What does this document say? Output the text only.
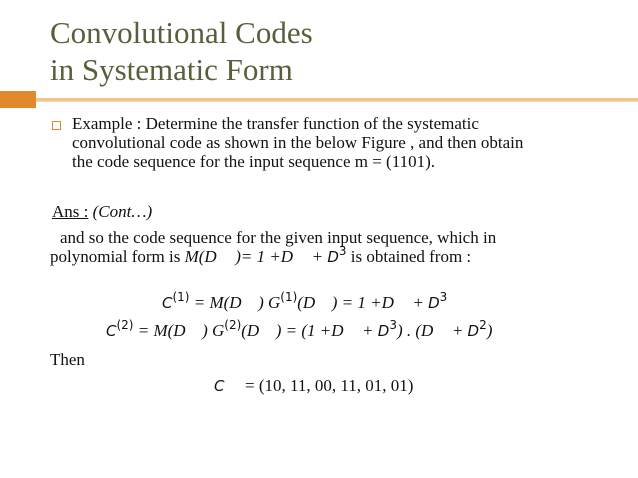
Convolutional Codes
in Systematic Form
Example : Determine the transfer function of the systematic
convolutional code as shown in the below Figure , and then obtain
the code sequence for the input sequence m = (1101).
Ans : (Cont…)
and so the code sequence for the given input sequence, which in
polynomial form is M(D )= $1 +D + D^3$ is obtained from :
$C^{(1)} = M(D$ ) $G^{(1)}(D$ ) = $1 +D + D^3$
$C^{(2)} = M(D$ ) $G^{(2)}(D$ ) = $(1 +D + D^3)$ . $(D + D^2)$
Then
C = (10, 11, 00, 11, 01, 01)
